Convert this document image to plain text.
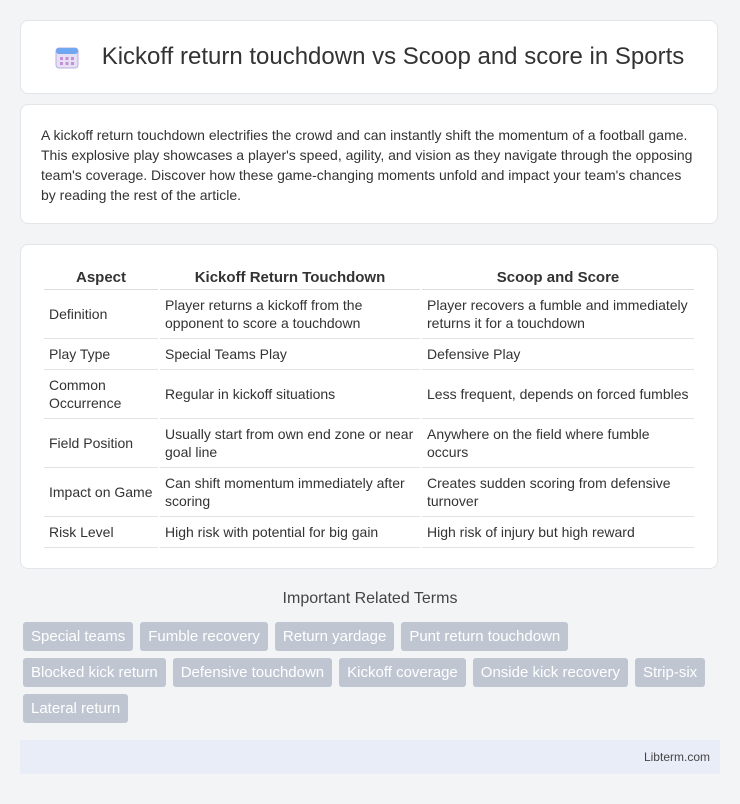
Kickoff return touchdown vs Scoop and score in Sports

A kickoff return touchdown electrifies the crowd and can instantly shift the momentum of a football game. This explosive play showcases a player's speed, agility, and vision as they navigate through the opposing team's coverage. Discover how these game-changing moments unfold and impact your team's chances by reading the rest of the article.

Aspect	Kickoff Return Touchdown	Scoop and Score
Definition	Player returns a kickoff from the opponent to score a touchdown	Player recovers a fumble and immediately returns it for a touchdown
Play Type	Special Teams Play	Defensive Play
Common Occurrence	Regular in kickoff situations	Less frequent, depends on forced fumbles
Field Position	Usually start from own end zone or near goal line	Anywhere on the field where fumble occurs
Impact on Game	Can shift momentum immediately after scoring	Creates sudden scoring from defensive turnover
Risk Level	High risk with potential for big gain	High risk of injury but high reward
Important Related Terms
Special teams	Fumble recovery	Return yardage	Punt return touchdown
Blocked kick return	Defensive touchdown	Kickoff coverage	Onside kick recovery	Strip-six
Lateral return
Libterm.com
